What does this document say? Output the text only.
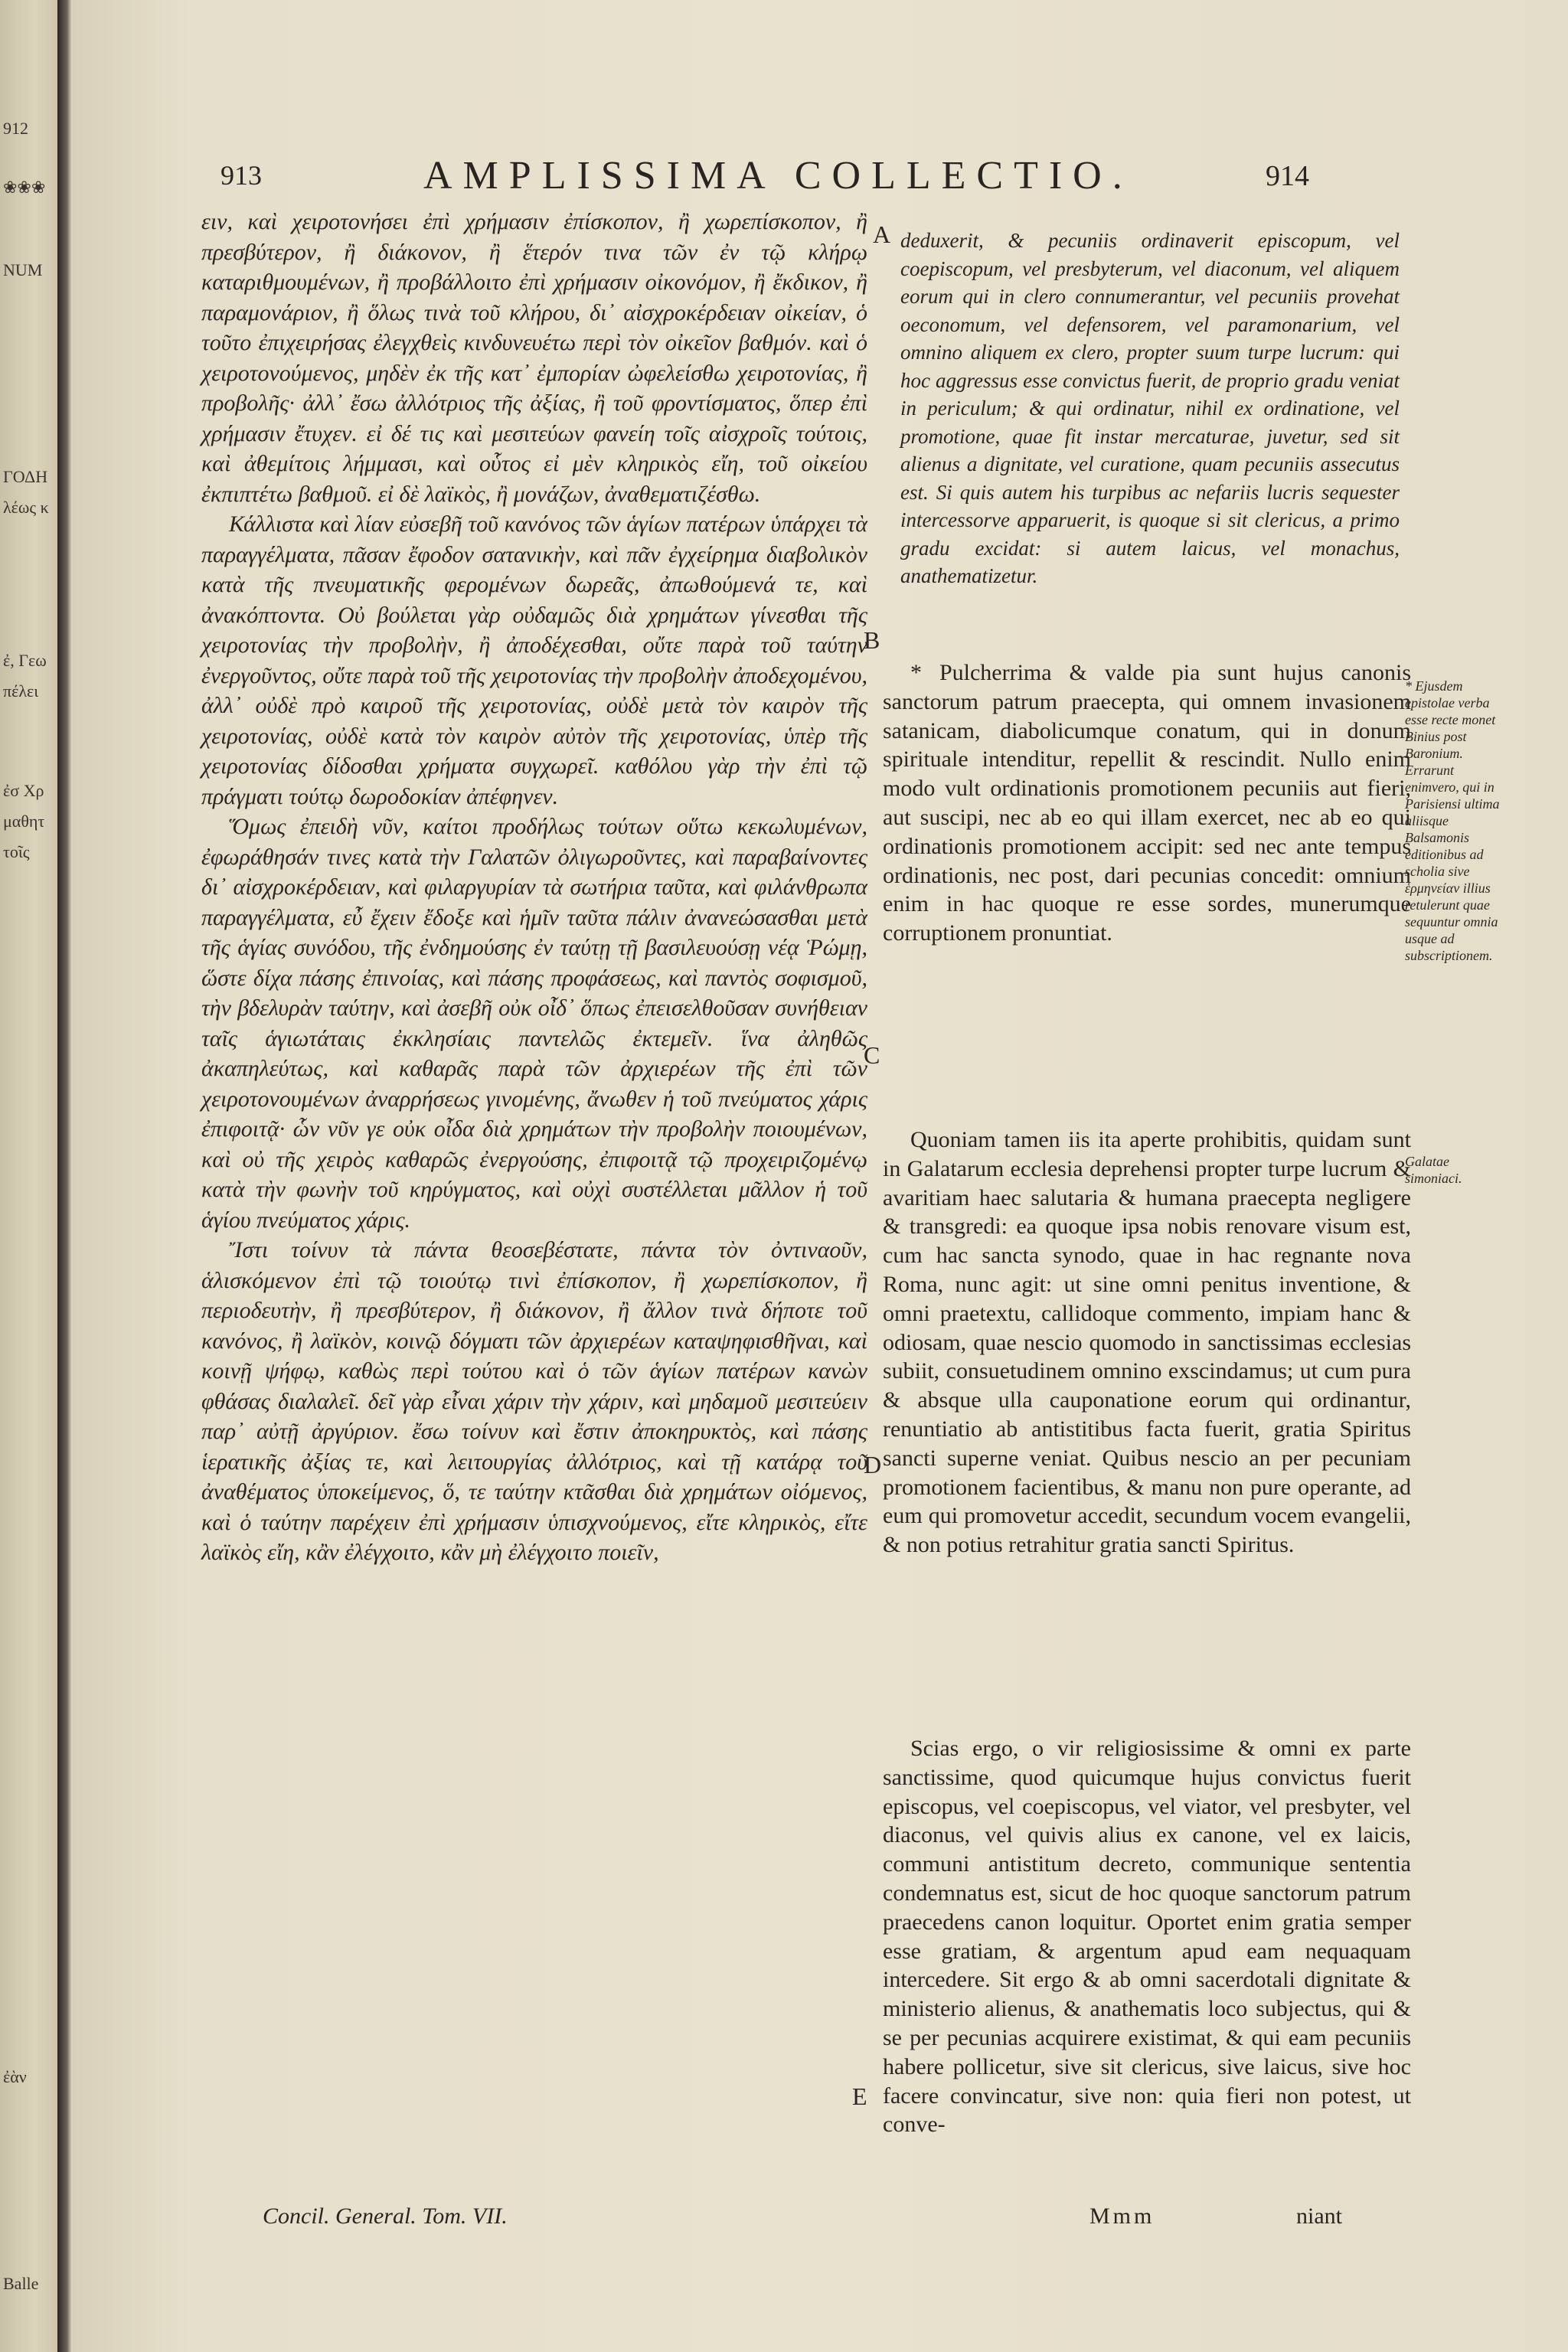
912
❀❀❀
NUM
ΓΟΔΗ
λέως κ
ἐ, Γεω
πέλει
ἐσ Χρ
μαθητ
τοῖς
ἐὰν
Balle
913	AMPLISSIMA COLLECTIO.	914
A
B
C
D
E

ειν, καὶ χειροτονήσει ἐπὶ χρήμασιν ἐπίσκοπον, ἢ χωρεπίσκοπον, ἢ πρεσβύτερον, ἢ διάκονον, ἢ ἕτερόν τινα τῶν ἐν τῷ κλήρῳ καταριθμουμένων, ἢ προβάλλοιτο ἐπὶ χρήμασιν οἰκονόμον, ἢ ἔκδικον, ἢ παραμονάριον, ἢ ὅλως τινὰ τοῦ κλήρου, δι᾽ αἰσχροκέρδειαν οἰκείαν, ὁ τοῦτο ἐπιχειρήσας ἐλεγχθεὶς κινδυνευέτω περὶ τὸν οἰκεῖον βαθμόν. καὶ ὁ χειροτονούμενος, μηδὲν ἐκ τῆς κατ᾽ ἐμπορίαν ὠφελείσθω χειροτονίας, ἢ προβολῆς· ἀλλ᾽ ἔσω ἀλλότριος τῆς ἀξίας, ἢ τοῦ φροντίσματος, ὅπερ ἐπὶ χρήμασιν ἔτυχεν. εἰ δέ τις καὶ μεσιτεύων φανείη τοῖς αἰσχροῖς τούτοις, καὶ ἀθεμίτοις λήμμασι, καὶ οὗτος εἰ μὲν κληρικὸς εἴη, τοῦ οἰκείου ἐκπιπτέτω βαθμοῦ. εἰ δὲ λαϊκὸς, ἢ μονάζων, ἀναθεματιζέσθω.

Κάλλιστα καὶ λίαν εὐσεβῆ τοῦ κανόνος τῶν ἁγίων πατέρων ὑπάρχει τὰ παραγγέλματα, πᾶσαν ἔφοδον σατανικὴν, καὶ πᾶν ἐγχείρημα διαβολικὸν κατὰ τῆς πνευματικῆς φερομένων δωρεᾶς, ἀπωθούμενά τε, καὶ ἀνακόπτοντα. Οὐ βούλεται γὰρ οὐδαμῶς διὰ χρημάτων γίνεσθαι τῆς χειροτονίας τὴν προβολὴν, ἢ ἀποδέχεσθαι, οὔτε παρὰ τοῦ ταύτην ἐνεργοῦντος, οὔτε παρὰ τοῦ τῆς χειροτονίας τὴν προβολὴν ἀποδεχομένου, ἀλλ᾽ οὐδὲ πρὸ καιροῦ τῆς χειροτονίας, οὐδὲ μετὰ τὸν καιρὸν τῆς χειροτονίας, οὐδὲ κατὰ τὸν καιρὸν αὐτὸν τῆς χειροτονίας, ὑπὲρ τῆς χειροτονίας δίδοσθαι χρήματα συγχωρεῖ. καθόλου γὰρ τὴν ἐπὶ τῷ πράγματι τούτῳ δωροδοκίαν ἀπέφηνεν.

Ὅμως ἐπειδὴ νῦν, καίτοι προδήλως τούτων οὕτω κεκωλυμένων, ἐφωράθησάν τινες κατὰ τὴν Γαλατῶν ὀλιγωροῦντες, καὶ παραβαίνοντες δι᾽ αἰσχροκέρδειαν, καὶ φιλαργυρίαν τὰ σωτήρια ταῦτα, καὶ φιλάνθρωπα παραγγέλματα, εὖ ἔχειν ἔδοξε καὶ ἡμῖν ταῦτα πάλιν ἀνανεώσασθαι μετὰ τῆς ἁγίας συνόδου, τῆς ἐνδημούσης ἐν ταύτῃ τῇ βασιλευούσῃ νέᾳ Ῥώμῃ, ὥστε δίχα πάσης ἐπινοίας, καὶ πάσης προφάσεως, καὶ παντὸς σοφισμοῦ, τὴν βδελυρὰν ταύτην, καὶ ἀσεβῆ οὐκ οἶδ᾽ ὅπως ἐπεισελθοῦσαν συνήθειαν ταῖς ἁγιωτάταις ἐκκλησίαις παντελῶς ἐκτεμεῖν. ἵνα ἀληθῶς ἀκαπηλεύτως, καὶ καθαρᾶς παρὰ τῶν ἀρχιερέων τῆς ἐπὶ τῶν χειροτονουμένων ἀναρρήσεως γινομένης, ἄνωθεν ἡ τοῦ πνεύματος χάρις ἐπιφοιτᾷ· ὧν νῦν γε οὐκ οἶδα διὰ χρημάτων τὴν προβολὴν ποιουμένων, καὶ οὐ τῆς χειρὸς καθαρῶς ἐνεργούσης, ἐπιφοιτᾷ τῷ προχειριζομένῳ κατὰ τὴν φωνὴν τοῦ κηρύγματος, καὶ οὐχὶ συστέλλεται μᾶλλον ἡ τοῦ ἁγίου πνεύματος χάρις.

Ἴστι τοίνυν τὰ πάντα θεοσεβέστατε, πάντα τὸν ὀντιναοῦν, ἁλισκόμενον ἐπὶ τῷ τοιούτῳ τινὶ ἐπίσκοπον, ἢ χωρεπίσκοπον, ἢ περιοδευτὴν, ἢ πρεσβύτερον, ἢ διάκονον, ἢ ἄλλον τινὰ δήποτε τοῦ κανόνος, ἢ λαϊκὸν, κοινῷ δόγματι τῶν ἀρχιερέων καταψηφισθῆναι, καὶ κοινῇ ψήφῳ, καθὼς περὶ τούτου καὶ ὁ τῶν ἁγίων πατέρων κανὼν φθάσας διαλαλεῖ. δεῖ γὰρ εἶναι χάριν τὴν χάριν, καὶ μηδαμοῦ μεσιτεύειν παρ᾽ αὐτῇ ἀργύριον. ἔσω τοίνυν καὶ ἔστιν ἀποκηρυκτὸς, καὶ πάσης ἱερατικῆς ἀξίας τε, καὶ λειτουργίας ἀλλότριος, καὶ τῇ κατάρᾳ τοῦ ἀναθέματος ὑποκείμενος, ὅ, τε ταύτην κτᾶσθαι διὰ χρημάτων οἰόμενος, καὶ ὁ ταύτην παρέχειν ἐπὶ χρήμασιν ὑπισχνούμενος, εἴτε κληρικὸς, εἴτε λαϊκὸς εἴη, κἂν ἐλέγχοιτο, κἂν μὴ ἐλέγχοιτο ποιεῖν,

deduxerit, & pecuniis ordinaverit episcopum, vel coepiscopum, vel presbyterum, vel diaconum, vel aliquem eorum qui in clero connumerantur, vel pecuniis provehat oeconomum, vel defensorem, vel paramonarium, vel omnino aliquem ex clero, propter suum turpe lucrum: qui hoc aggressus esse convictus fuerit, de proprio gradu veniat in periculum; & qui ordinatur, nihil ex ordinatione, vel promotione, quae fit instar mercaturae, juvetur, sed sit alienus a dignitate, vel curatione, quam pecuniis assecutus est. Si quis autem his turpibus ac nefariis lucris sequester intercessorve apparuerit, is quoque si sit clericus, a primo gradu excidat: si autem laicus, vel monachus, anathematizetur.

* Pulcherrima & valde pia sunt hujus canonis sanctorum patrum praecepta, qui omnem invasionem satanicam, diabolicumque conatum, qui in donum spirituale intenditur, repellit & rescindit. Nullo enim modo vult ordinationis promotionem pecuniis aut fieri, aut suscipi, nec ab eo qui illam exercet, nec ab eo qui ordinationis promotionem accipit: sed nec ante tempus ordinationis, nec post, dari pecunias concedit: omnium enim in hac quoque re esse sordes, munerumque corruptionem pronuntiat.

Quoniam tamen iis ita aperte prohibitis, quidam sunt in Galatarum ecclesia deprehensi propter turpe lucrum & avaritiam haec salutaria & humana praecepta negligere & transgredi: ea quoque ipsa nobis renovare visum est, cum hac sancta synodo, quae in hac regnante nova Roma, nunc agit: ut sine omni penitus inventione, & omni praetextu, callidoque commento, impiam hanc & odiosam, quae nescio quomodo in sanctissimas ecclesias subiit, consuetudinem omnino exscindamus; ut cum pura & absque ulla cauponatione eorum qui ordinantur, renuntiatio ab antistitibus facta fuerit, gratia Spiritus sancti superne veniat. Quibus nescio an per pecuniam promotionem facientibus, & manu non pure operante, ad eum qui promovetur accedit, secundum vocem evangelii, & non potius retrahitur gratia sancti Spiritus.

Scias ergo, o vir religiosissime & omni ex parte sanctissime, quod quicumque hujus convictus fuerit episcopus, vel coepiscopus, vel viator, vel presbyter, vel diaconus, vel quivis alius ex canone, vel ex laicis, communi antistitum decreto, communique sententia condemnatus est, sicut de hoc quoque sanctorum patrum praecedens canon loquitur. Oportet enim gratia semper esse gratiam, & argentum apud eam nequaquam intercedere. Sit ergo & ab omni sacerdotali dignitate & ministerio alienus, & anathematis loco subjectus, qui & se per pecunias acquirere existimat, & qui eam pecuniis habere pollicetur, sive sit clericus, sive laicus, sive hoc facere convincatur, sive non: quia fieri non potest, ut conve-

* Ejusdem epistolae verba esse recte monet Binius post Baronium. Errarunt enimvero, qui in Parisiensi ultima aliisque Balsamonis editionibus ad scholia sive ἑρμηνείαν illius retulerunt quae sequuntur omnia usque ad subscriptionem.
Galatae simoniaci.
Concil. General. Tom. VII.	Mmm	niant
